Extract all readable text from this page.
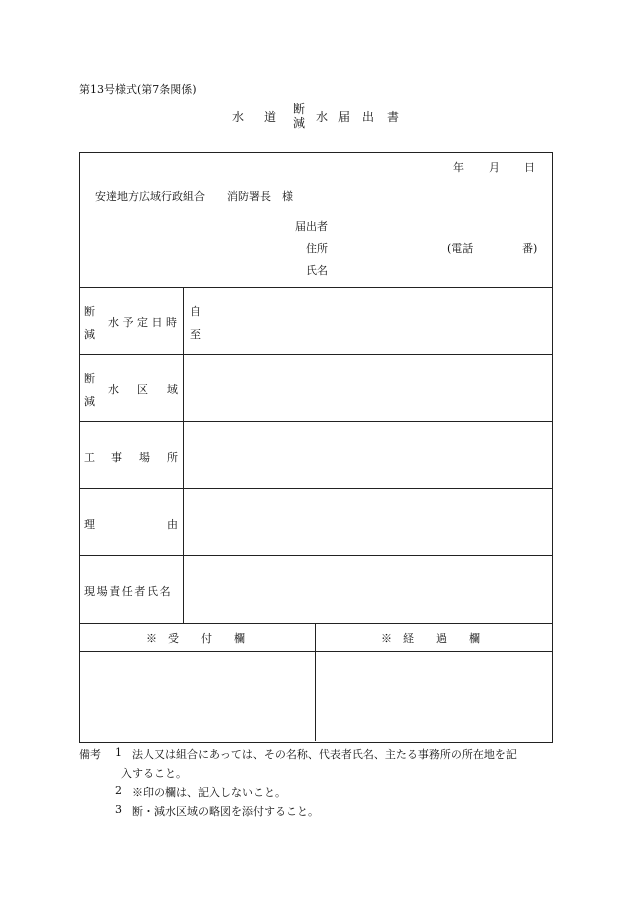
第13号様式(第7条関係)
水 道
断
減 水 届 出 書
年 月 日
安達地方広域行政組合　　消防署長　様
届出者
住所	(電話	番)
氏名
断
減
水 予 定 日 時
自
至
断
減
水 区 域
工 事 場 所
理	由
現場責任者氏名
※　受　　付　　欄	※　経　　過　　欄
備考 1 法人又は組合にあっては、その名称、代表者氏名、主たる事務所の所在地を記
入すること。
2 ※印の欄は、記入しないこと。
3 断・減水区域の略図を添付すること。
